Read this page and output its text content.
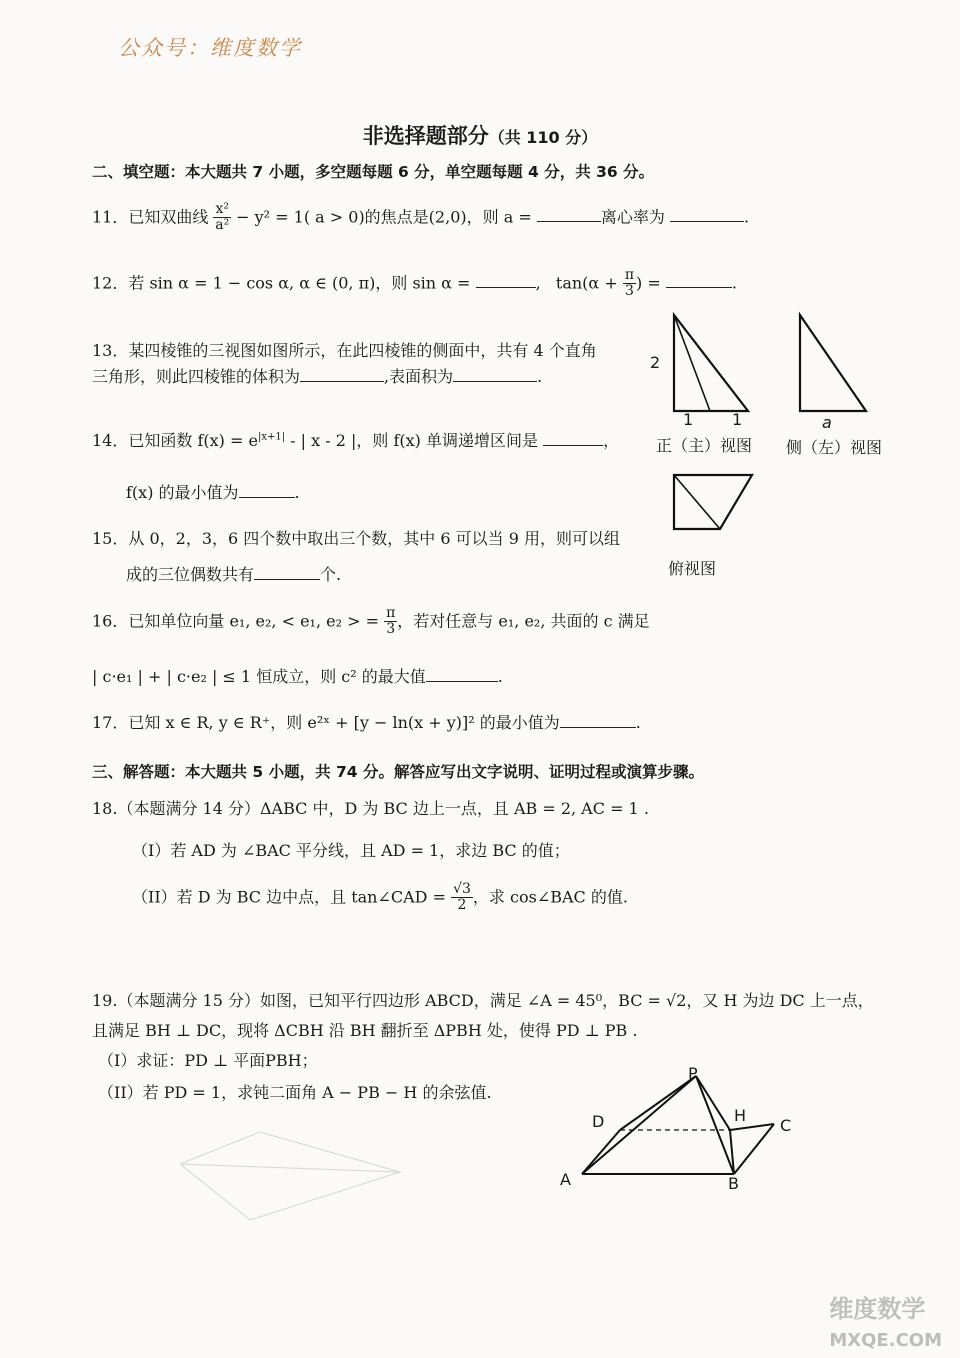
公众号：维度数学
非选择题部分（共 110 分）
二、填空题：本大题共 7 小题，多空题每题 6 分，单空题每题 4 分，共 36 分。
11．已知双曲线 $\frac{\text{x²}}{\text{a²}} - y^2 = 1$( a > 0)的焦点是(2,0)，则 a =	离心率为	.
12．若 sin α = 1 − cos α, α ∈ (0, π)，则 sin α =	,   $\tan(\alpha + \frac{\pi}{3}$ ) =	.
13．某四棱锥的三视图如图所示，在此四棱锥的侧面中，共有 4 个直角
三角形，则此四棱锥的体积为	,表面积为	.
14．已知函数 $f(x) = e^{|x+1|}$ - | x - 2 |，则 f(x) 单调递增区间是	，
f(x) 的最小值为	.
15．从 0，2，3，6 四个数中取出三个数，其中 6 可以当 9 用，则可以组
成的三位偶数共有	个.
16．已知单位向量 e₁, e₂, < e₁, e₂ > = $\frac{\pi}{3}$ ，若对任意与 e₁, e₂, 共面的 c 满足
| c·e₁ | + | c·e₂ | ≤ 1 恒成立，则 c² 的最大值	.
17．已知 x ∈ R, y ∈ R⁺，则 e²ˣ + [y − ln(x + y)]² 的最小值为	.
三、解答题：本大题共 5 小题，共 74 分。解答应写出文字说明、证明过程或演算步骤。
18.（本题满分 14 分）ΔABC 中，D 为 BC 边上一点，且 AB = 2, AC = 1 .
（I）若 AD 为 ∠BAC 平分线，且 AD = 1，求边 BC 的值；
（II）若 D 为 BC 边中点，且 tan∠CAD = $\frac{√3}{2}$ ，求 cos∠BAC 的值.
19.（本题满分 15 分）如图，已知平行四边形 ABCD，满足 ∠A = 45⁰，BC = √2，又 H 为边 DC 上一点，
且满足 BH ⊥ DC，现将 ΔCBH 沿 BH 翻折至 ΔPBH 处，使得 PD ⊥ PB .
（I）求证：PD ⊥ 平面PBH；
（II）若 PD = 1，求钝二面角 A − PB − H 的余弦值.
2
1 1	a
正（主）视图 侧（左）视图
俯视图
P
D	H
C
A	B
维度数学
MXQE.COM
